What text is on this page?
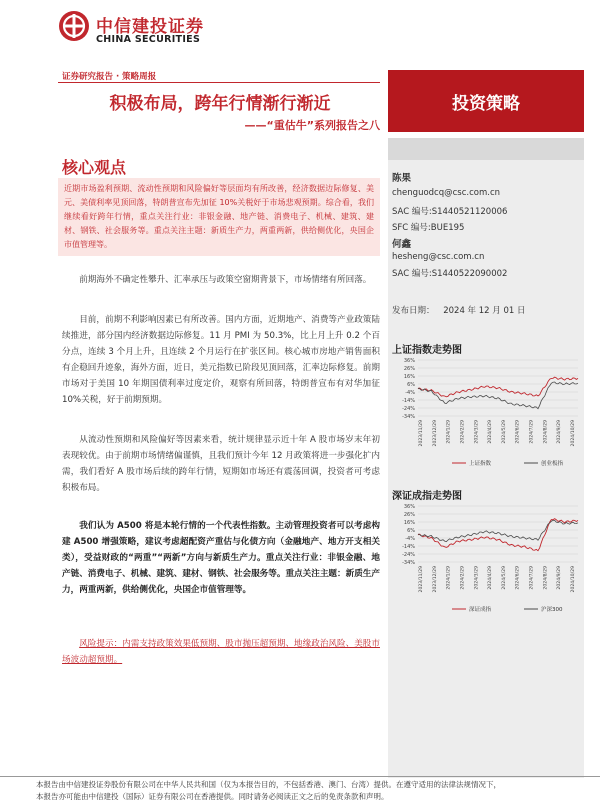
中信建投证券
CHINA SECURITIES
证券研究报告 · 策略周报
积极布局，跨年行情渐行渐近
——“重估牛”系列报告之八
投资策略
核心观点
近期市场盈利预期、流动性预期和风险偏好等层面均有所改善，经济数据边际修复、美元、美债利率见顶回落，特朗普宣布先加征 10%关税好于市场悲观预期。综合看，我们继续看好跨年行情，重点关注行业：非银金融、地产链、消费电子、机械、建筑、建材、钢铁、社会服务等。重点关注主题：新质生产力，两重两新，供给侧优化，央国企市值管理等。
前期海外不确定性攀升、汇率承压与政策空窗期背景下，市场情绪有所回落。
目前，前期不利影响因素已有所改善。国内方面，近期地产、消费等产业政策陆续推进，部分国内经济数据边际修复。11 月 PMI 为 50.3%，比上月上升 0.2 个百分点，连续 3 个月上升，且连续 2 个月运行在扩张区间。核心城市房地产销售面积有企稳回升迹象，海外方面，近日，美元指数已阶段见顶回落，汇率边际修复。前期市场对于美国 10 年期国债利率过度定价，观察有所回落，特朗普宣布有对华加征 10%关税，好于前期预期。
从流动性预期和风险偏好等因素来看，统计规律显示近十年 A 股市场岁末年初表现较优。由于前期市场情绪偏谨慎，且我们预计今年 12 月政策将进一步强化扩内需，我们看好 A 股市场后续的跨年行情，短期如市场还有震荡回调，投资者可考虑积极布局。
我们认为 A500 将是本轮行情的一个代表性指数。主动管理投资者可以考虑构建 A500 增强策略，建议考虑超配资产重估与化债方向（金融地产、地方开支相关类），受益财政的“两重”“两新”方向与新质生产力。重点关注行业：非银金融、地产链、消费电子、机械、建筑、建材、钢铁、社会服务等。重点关注主题：新质生产力，两重两新，供给侧优化，央国企市值管理等。
风险提示：内需支持政策效果低预期、股市抛压超预期、地缘政治风险、美股市场波动超预期。
陈果
chenguodcq@csc.com.cn
SAC 编号:S1440521120006
SFC 编号:BUE195
何鑫
hesheng@csc.com.cn
SAC 编号:S1440522090002
发布日期： 2024 年 12 月 01 日
上证指数走势图
36%
26%
16%
6%
-4%
-14%
-24%
-34%
2023/11/29 2023/12/29 2024/1/29 2024/2/29 2024/3/29 2024/4/29 2024/5/29 2024/6/29 2024/7/29 2024/8/29 2024/9/29 2024/10/29
上证指数	创业板指
深证成指走势图
36%
26%
16%
6%
-4%
-14%
-24%
-34%
2023/11/29 2023/12/29 2024/1/29 2024/2/29 2024/3/29 2024/4/29 2024/5/29 2024/6/29 2024/7/29 2024/8/29 2024/9/29 2024/10/29
深证成指	沪深300
本报告由中信建投证券股份有限公司在中华人民共和国（仅为本报告目的，不包括香港、澳门、台湾）提供。在遵守适用的法律法规情况下，
本报告亦可能由中信建投（国际）证券有限公司在香港提供。同时请务必阅读正文之后的免责条款和声明。
